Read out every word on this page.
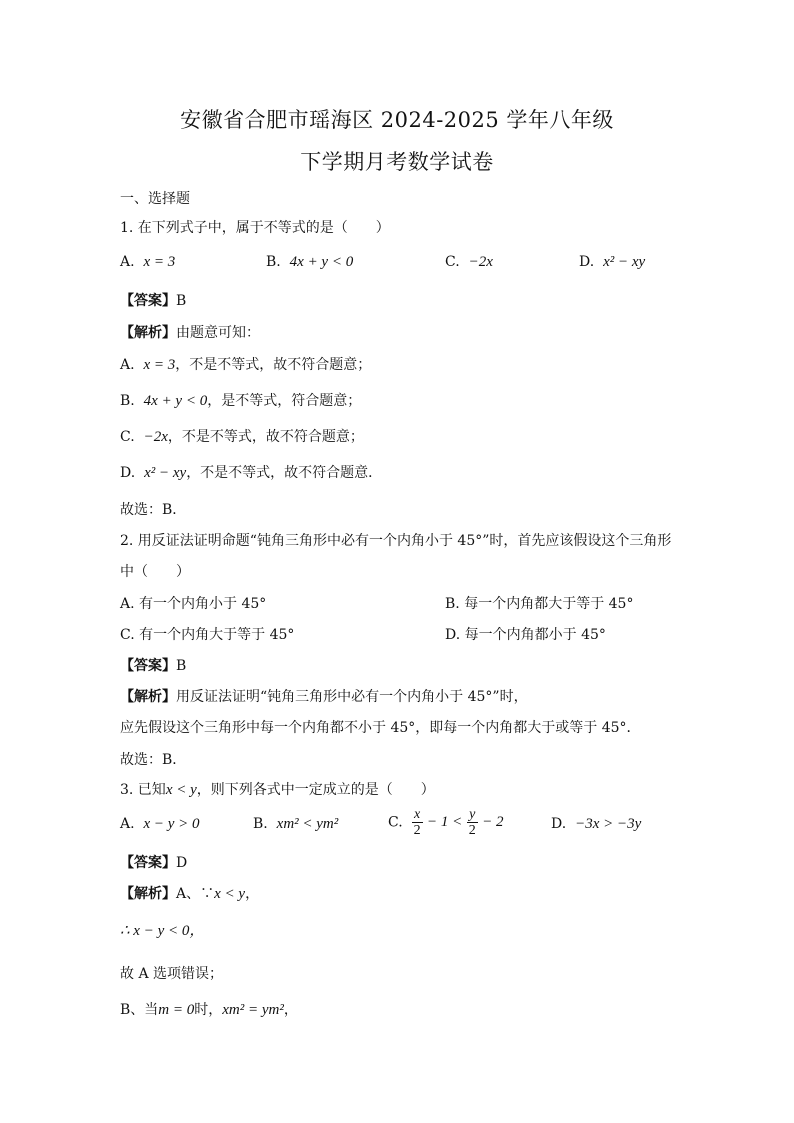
安徽省合肥市瑶海区 2024-2025 学年八年级
下学期月考数学试卷
一、选择题
1. 在下列式子中，属于不等式的是（　　）
A. x = 3	B. 4x + y < 0	C. −2x	D. x² − xy
【答案】B
【解析】由题意可知：
A. x = 3，不是不等式，故不符合题意；
B. 4x + y < 0，是不等式，符合题意；
C. −2x，不是不等式，故不符合题意；
D. x² − xy，不是不等式，故不符合题意．
故选：B．
2. 用反证法证明命题“钝角三角形中必有一个内角小于 45°”时，首先应该假设这个三角形
中（　　）
A. 有一个内角小于 45°	B. 每一个内角都大于等于 45°
C. 有一个内角大于等于 45°	D. 每一个内角都小于 45°
【答案】B
【解析】用反证法证明“钝角三角形中必有一个内角小于 45°”时，
应先假设这个三角形中每一个内角都不小于 45°，即每一个内角都大于或等于 45°．
故选：B．
3. 已知x < y，则下列各式中一定成立的是（　　）
A. x − y > 0	B. xm² < ym²	C. $\frac{x}{2} - 1 < \frac{y}{2} - 2$	D. −3x > −3y
【答案】D
【解析】A、∵x < y，
∴ x − y < 0，
故 A 选项错误；
B、当m = 0时，xm² = ym²，
